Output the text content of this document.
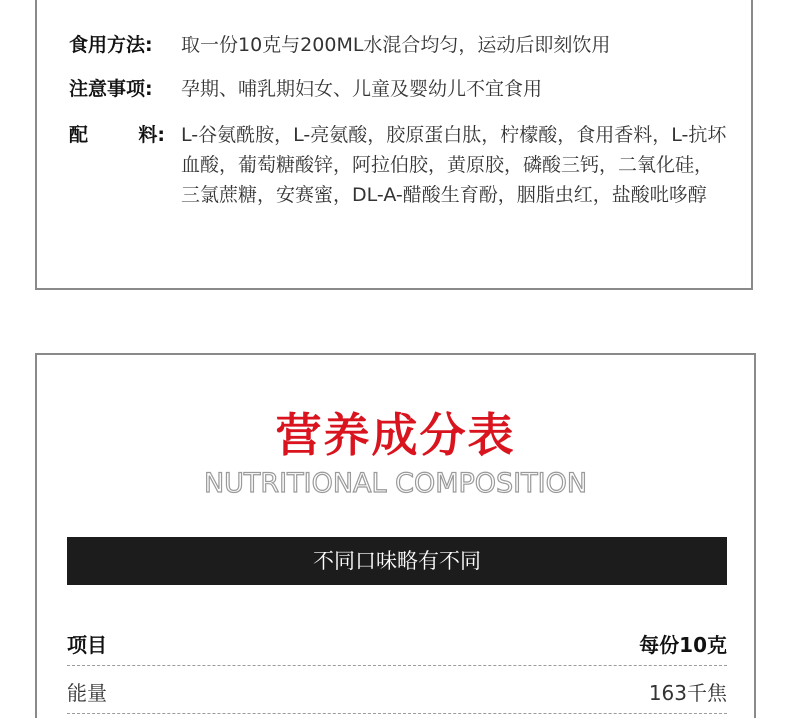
食用方法:	取一份10克与200ML水混合均匀，运动后即刻饮用
注意事项:	孕期、哺乳期妇女、儿童及婴幼儿不宜食用
配	料: L-谷氨酰胺，L-亮氨酸，胶原蛋白肽，柠檬酸，食用香料，L-抗坏血酸，葡萄糖酸锌，阿拉伯胶，黄原胶，磷酸三钙，二氧化硅，三氯蔗糖，安赛蜜，DL-A-醋酸生育酚，胭脂虫红，盐酸吡哆醇
营养成分表
NUTRITIONAL COMPOSITION
不同口味略有不同
项目	每份10克
能量	163千焦
